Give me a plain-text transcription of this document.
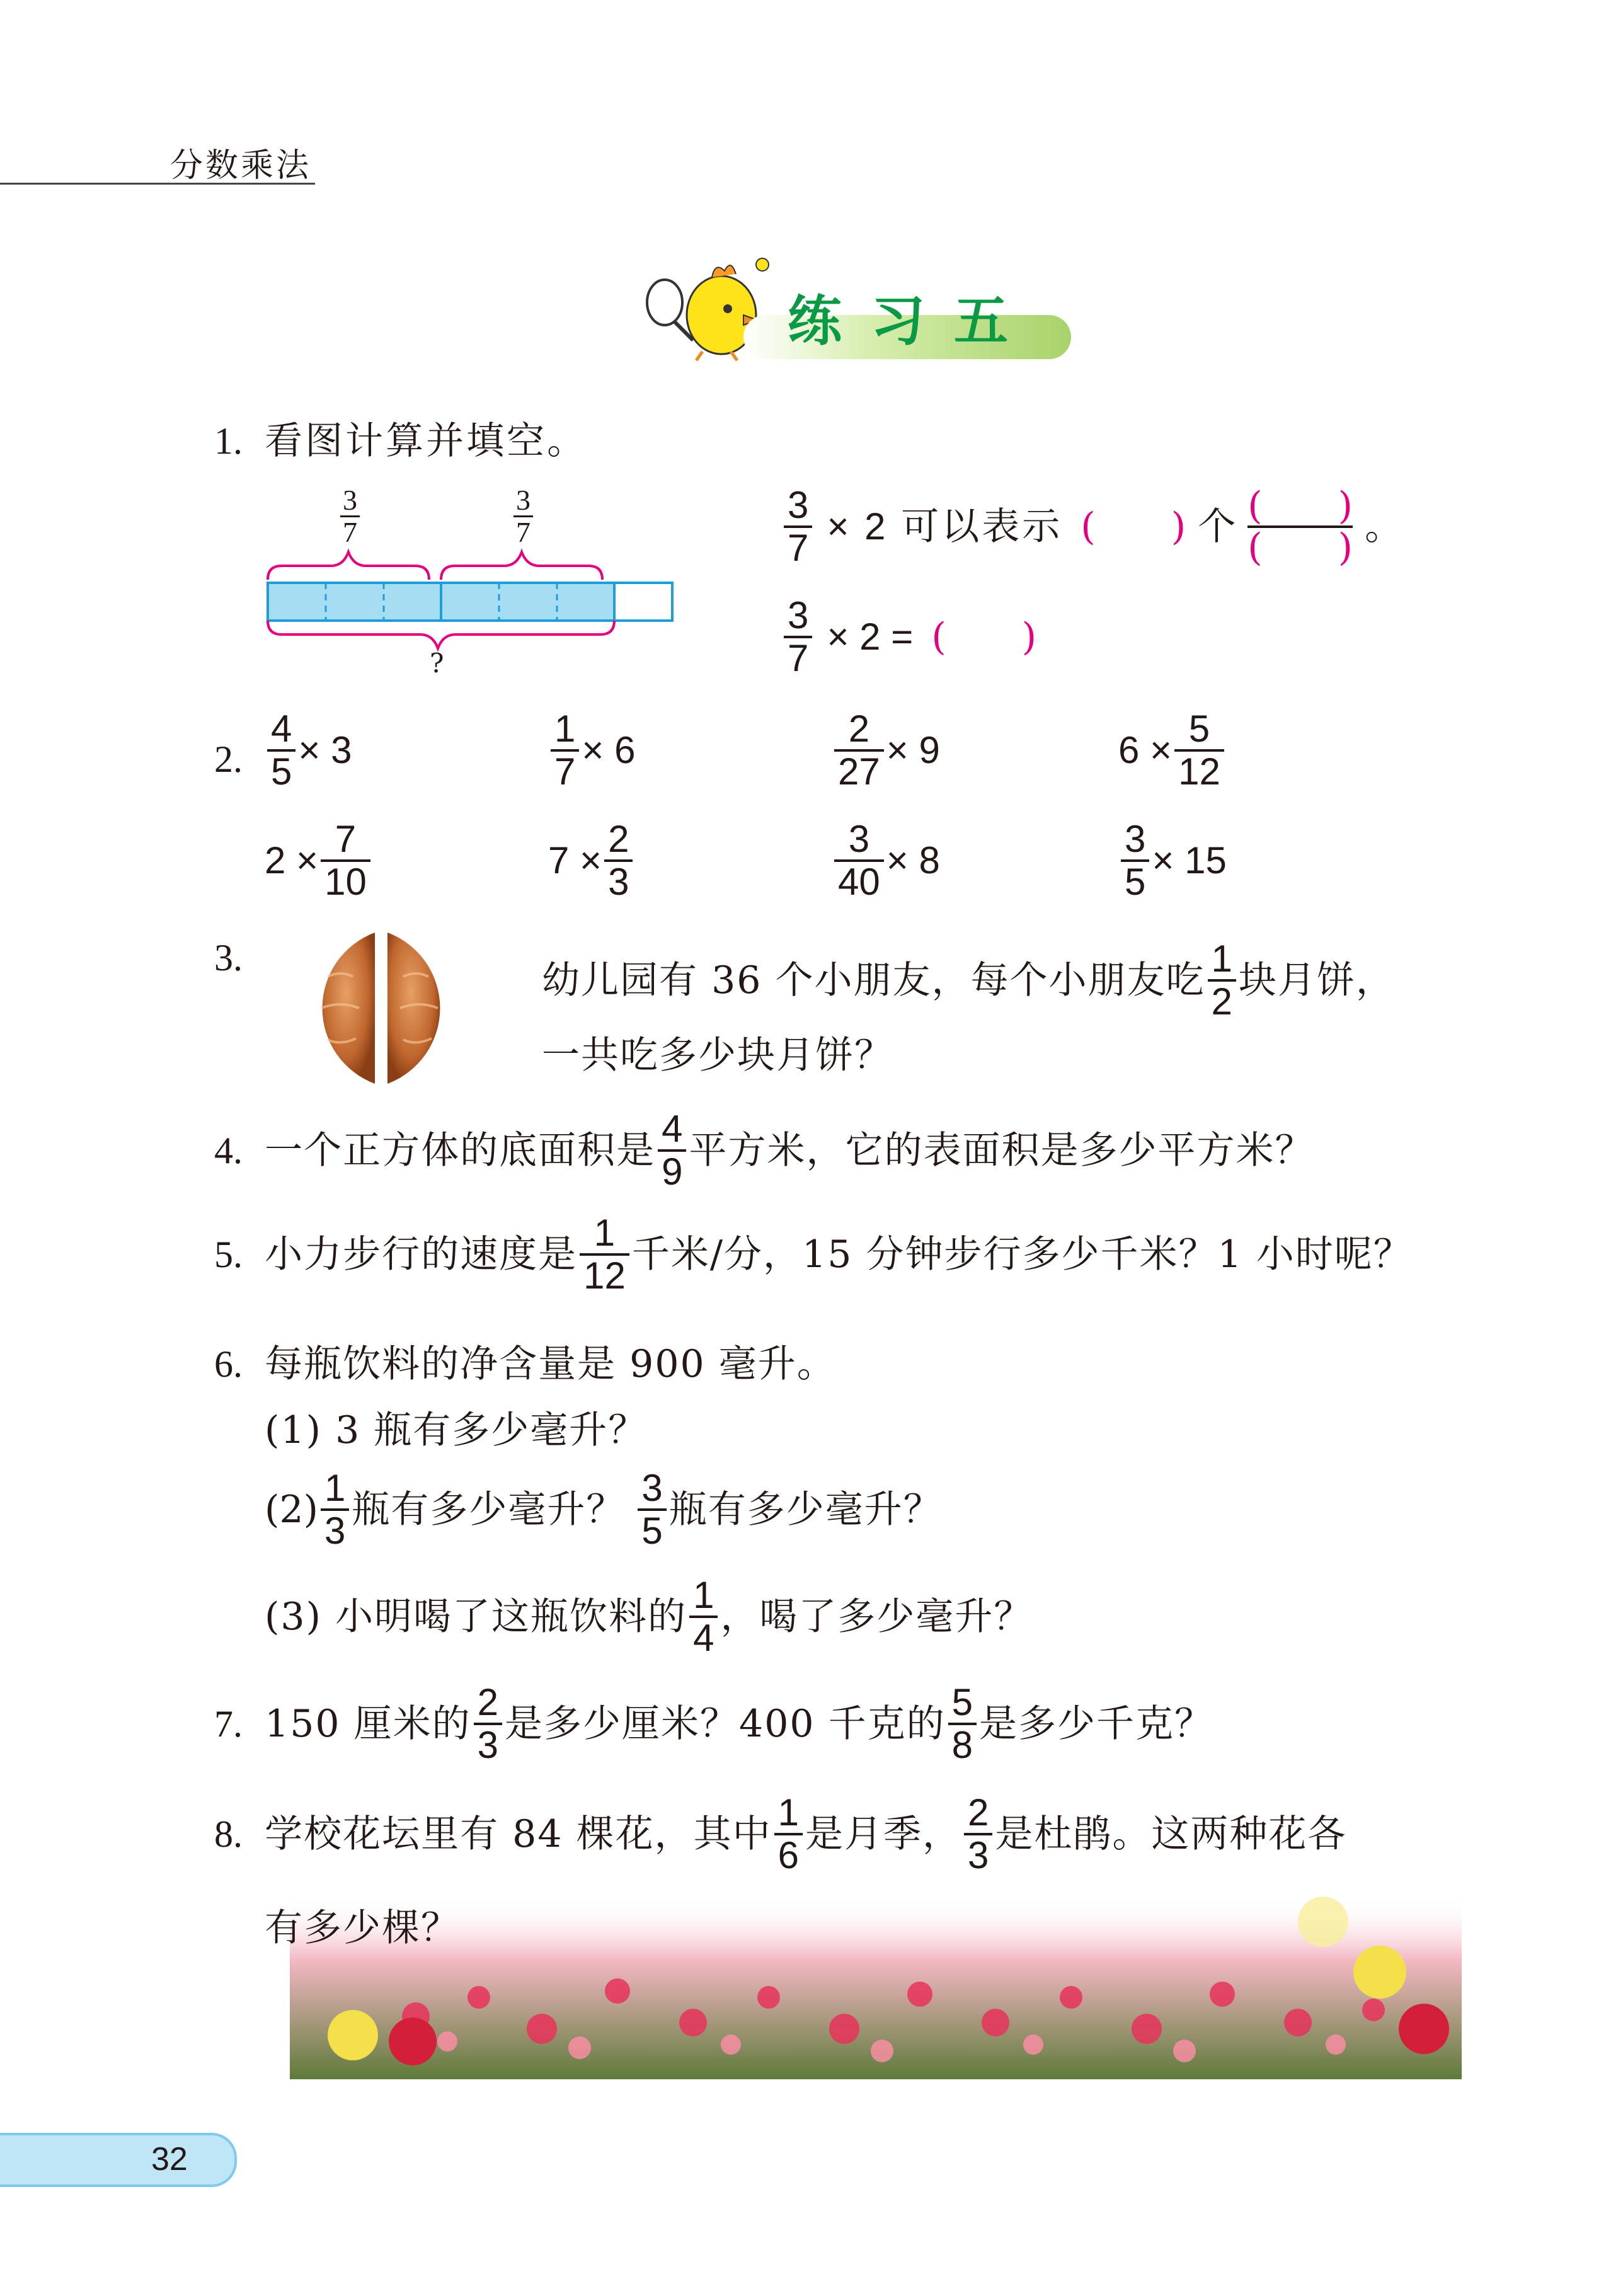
分数乘法
练 习 五
1. 看图计算并填空。
3
7
3
7
?
$\frac{3}{7} \times 2$ 可以表示 (　　) 个 (　　)
(　　) 。
$\frac{3}{7} \times 2$ = (　　)
2. $\frac{4}{5} \times 3$	$\frac{1}{7} \times 6$	$\frac{2}{27} \times 9$	$6 \times \frac{5}{12}$
$2 \times \frac{7}{10}$	$7 \times \frac{2}{3}$	$\frac{3}{40} \times 8$	$\frac{3}{5} \times 15$
3.
幼儿园有 36 个小朋友，每个小朋友吃 $\frac{1}{2}$ 块月饼，
一共吃多少块月饼？
4. 一个正方体的底面积是 $\frac{4}{9}$ 平方米，它的表面积是多少平方米？
5. 小力步行的速度是 $\frac{1}{12}$ 千米/分，15 分钟步行多少千米？1 小时呢？
6. 每瓶饮料的净含量是 900 毫升。
(1) 3 瓶有多少毫升？
$(2) \frac{1}{3}$ 瓶有多少毫升？ $\frac{3}{5}$ 瓶有多少毫升？
(3) 小明喝了这瓶饮料的 $\frac{1}{4}$ ，喝了多少毫升？
7. 150 厘米的 $\frac{2}{3}$ 是多少厘米？400 千克的 $\frac{5}{8}$ 是多少千克？
8. 学校花坛里有 84 棵花，其中 $\frac{1}{6}$ 是月季， $\frac{2}{3}$ 是杜鹃。这两种花各
有多少棵？
32
